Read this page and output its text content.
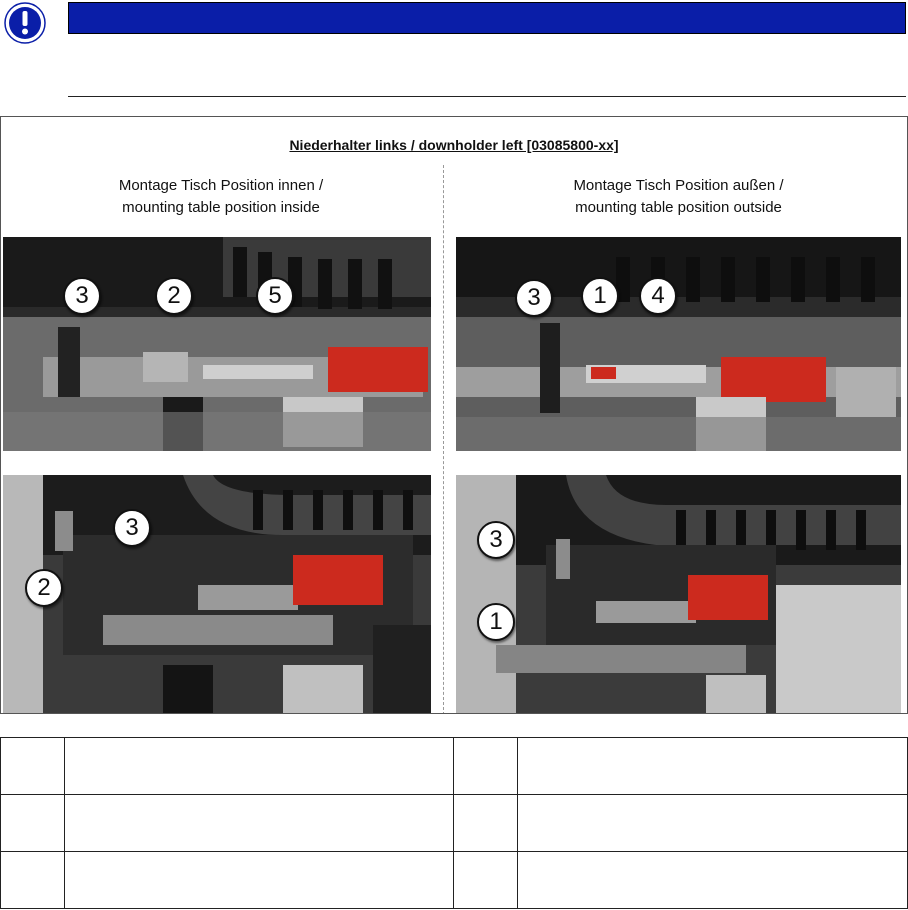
Niederhalter links / downholder left [03085800-xx]
Montage Tisch Position innen /
mounting table position inside
Montage Tisch Position außen /
mounting table position outside
3	2	5	3	1	4
3
2
3
1
